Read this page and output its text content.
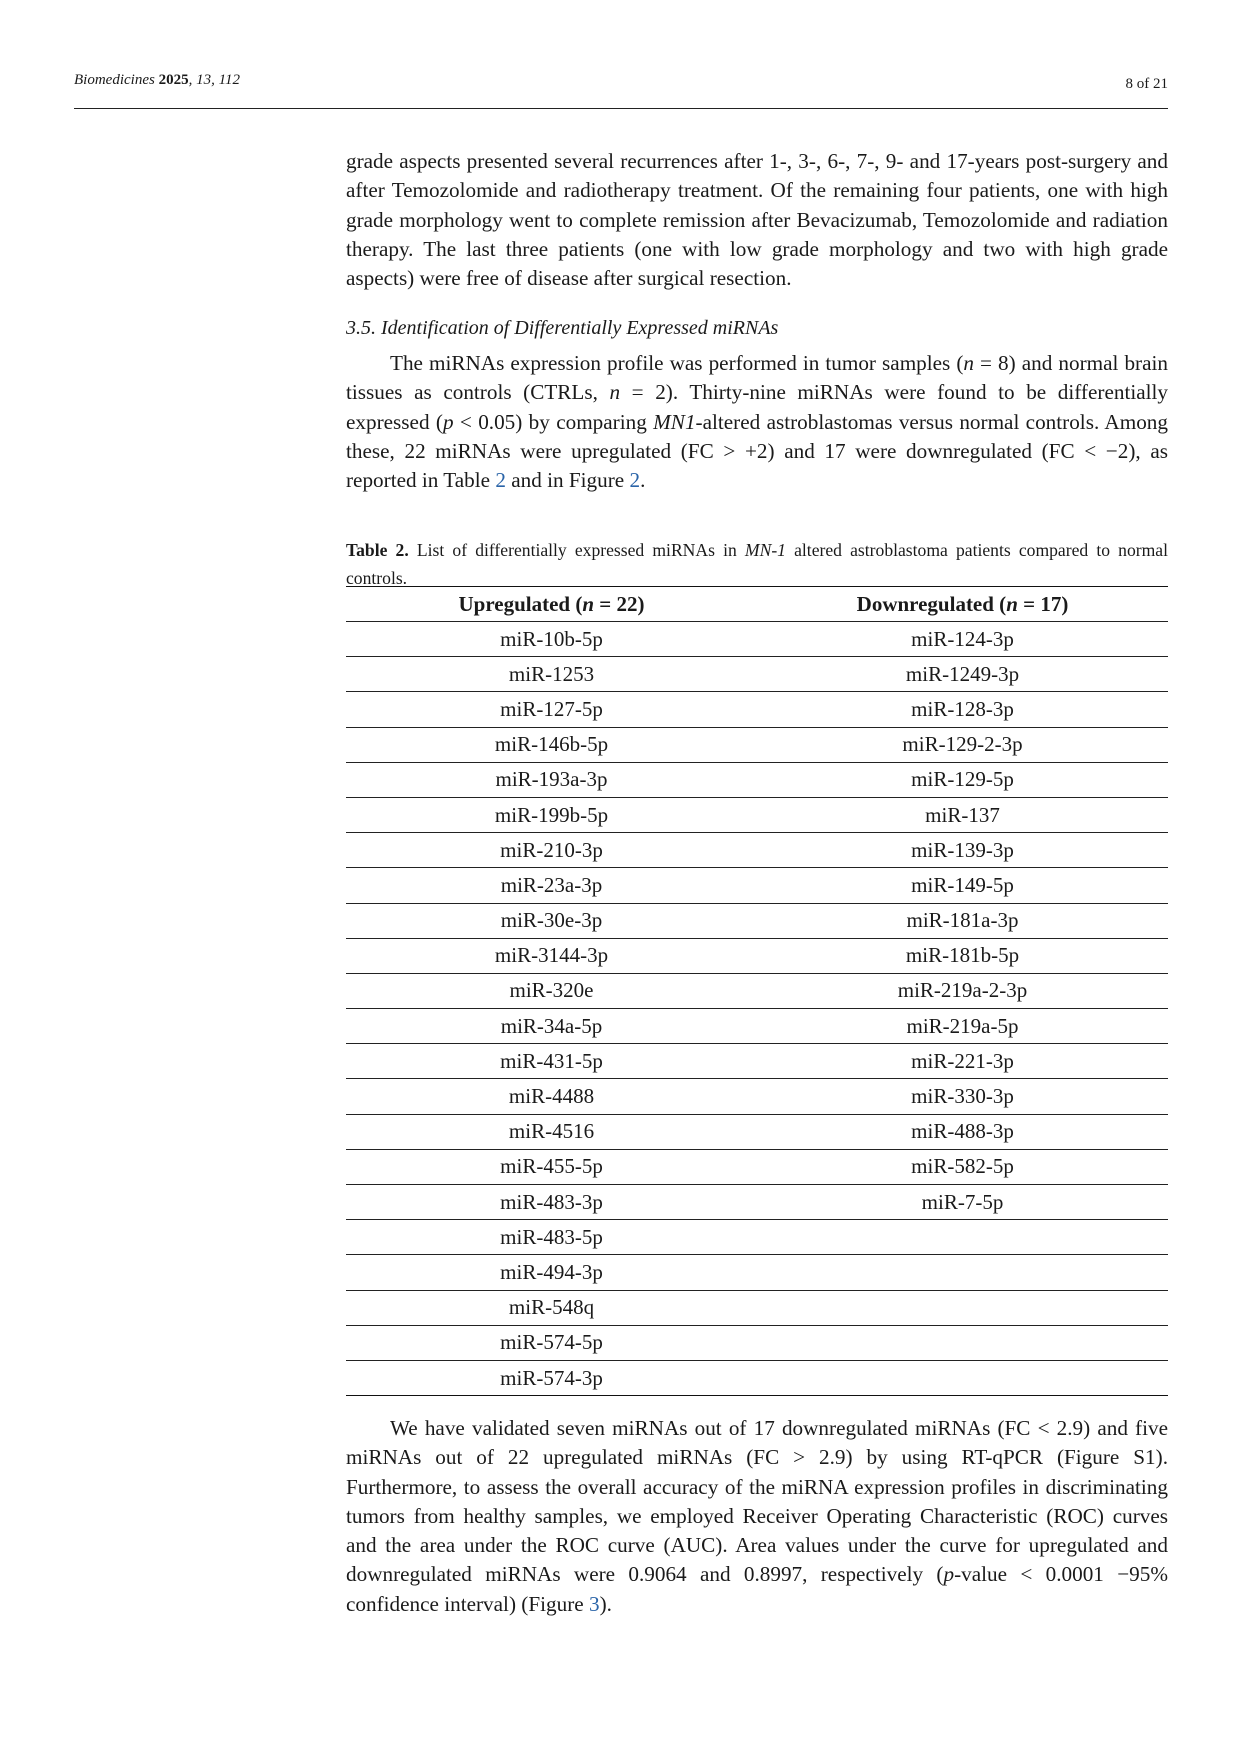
Biomedicines 2025, 13, 112	8 of 21

grade aspects presented several recurrences after 1-, 3-, 6-, 7-, 9- and 17-years post-surgery and after Temozolomide and radiotherapy treatment. Of the remaining four patients, one with high grade morphology went to complete remission after Bevacizumab, Temozolomide and radiation therapy. The last three patients (one with low grade morphology and two with high grade aspects) were free of disease after surgical resection.

3.5. Identification of Differentially Expressed miRNAs

The miRNAs expression profile was performed in tumor samples (n = 8) and normal brain tissues as controls (CTRLs, n = 2). Thirty-nine miRNAs were found to be differentially expressed (p < 0.05) by comparing MN1-altered astroblastomas versus normal controls. Among these, 22 miRNAs were upregulated (FC > +2) and 17 were downregulated (FC < −2), as reported in Table 2 and in Figure 2.

Table 2. List of differentially expressed miRNAs in MN-1 altered astroblastoma patients compared to normal controls.

Upregulated (n = 22)	Downregulated (n = 17)
miR-10b-5p	miR-124-3p
miR-1253	miR-1249-3p
miR-127-5p	miR-128-3p
miR-146b-5p	miR-129-2-3p
miR-193a-3p	miR-129-5p
miR-199b-5p	miR-137
miR-210-3p	miR-139-3p
miR-23a-3p	miR-149-5p
miR-30e-3p	miR-181a-3p
miR-3144-3p	miR-181b-5p
miR-320e	miR-219a-2-3p
miR-34a-5p	miR-219a-5p
miR-431-5p	miR-221-3p
miR-4488	miR-330-3p
miR-4516	miR-488-3p
miR-455-5p	miR-582-5p
miR-483-3p	miR-7-5p
miR-483-5p
miR-494-3p
miR-548q
miR-574-5p
miR-574-3p

We have validated seven miRNAs out of 17 downregulated miRNAs (FC < 2.9) and five miRNAs out of 22 upregulated miRNAs (FC > 2.9) by using RT-qPCR (Figure S1). Furthermore, to assess the overall accuracy of the miRNA expression profiles in discriminating tumors from healthy samples, we employed Receiver Operating Characteristic (ROC) curves and the area under the ROC curve (AUC). Area values under the curve for upregulated and downregulated miRNAs were 0.9064 and 0.8997, respectively (p-value < 0.0001 −95% confidence interval) (Figure 3).
